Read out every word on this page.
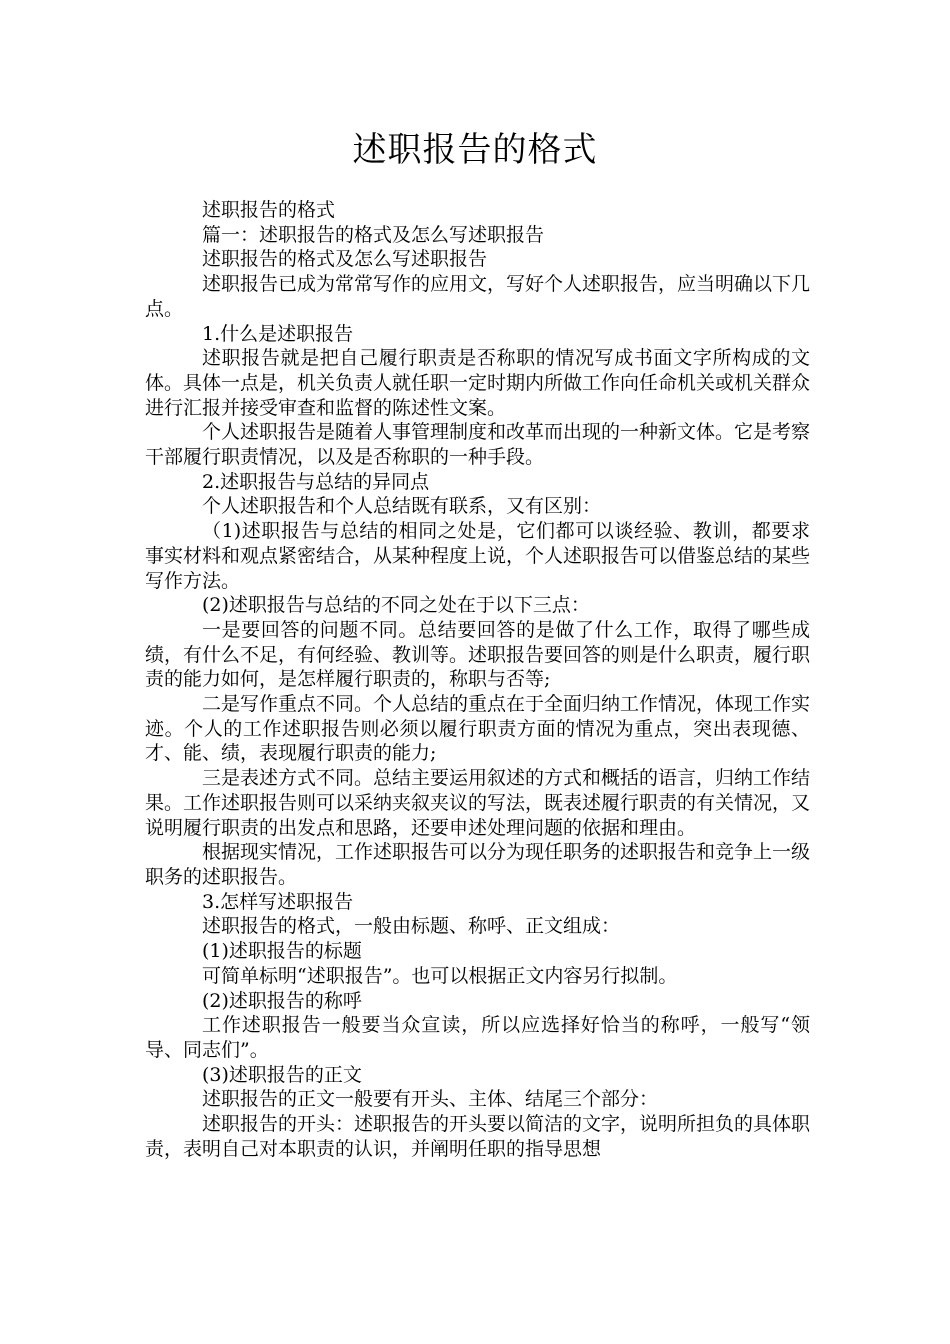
述职报告的格式

述职报告的格式

篇一：述职报告的格式及怎么写述职报告

述职报告的格式及怎么写述职报告

述职报告已成为常常写作的应用文，写好个人述职报告，应当明确以下几点。

1.什么是述职报告

述职报告就是把自己履行职责是否称职的情况写成书面文字所构成的文体。具体一点是，机关负责人就任职一定时期内所做工作向任命机关或机关群众进行汇报并接受审查和监督的陈述性文案。

个人述职报告是随着人事管理制度和改革而出现的一种新文体。它是考察干部履行职责情况，以及是否称职的一种手段。

2.述职报告与总结的异同点

个人述职报告和个人总结既有联系，又有区别：

（1)述职报告与总结的相同之处是，它们都可以谈经验、教训，都要求事实材料和观点紧密结合，从某种程度上说，个人述职报告可以借鉴总结的某些写作方法。

(2)述职报告与总结的不同之处在于以下三点：

一是要回答的问题不同。总结要回答的是做了什么工作，取得了哪些成绩，有什么不足，有何经验、教训等。述职报告要回答的则是什么职责，履行职责的能力如何，是怎样履行职责的，称职与否等;

二是写作重点不同。个人总结的重点在于全面归纳工作情况，体现工作实迹。个人的工作述职报告则必须以履行职责方面的情况为重点，突出表现德、才、能、绩，表现履行职责的能力;

三是表述方式不同。总结主要运用叙述的方式和概括的语言，归纳工作结果。工作述职报告则可以采纳夹叙夹议的写法，既表述履行职责的有关情况，又说明履行职责的出发点和思路，还要申述处理问题的依据和理由。

根据现实情况，工作述职报告可以分为现任职务的述职报告和竞争上一级职务的述职报告。

3.怎样写述职报告

述职报告的格式，一般由标题、称呼、正文组成：

(1)述职报告的标题

可简单标明“述职报告”。也可以根据正文内容另行拟制。

(2)述职报告的称呼

工作述职报告一般要当众宣读，所以应选择好恰当的称呼，一般写“领导、同志们”。

(3)述职报告的正文

述职报告的正文一般要有开头、主体、结尾三个部分：

述职报告的开头：述职报告的开头要以简洁的文字，说明所担负的具体职责，表明自己对本职责的认识，并阐明任职的指导思想
